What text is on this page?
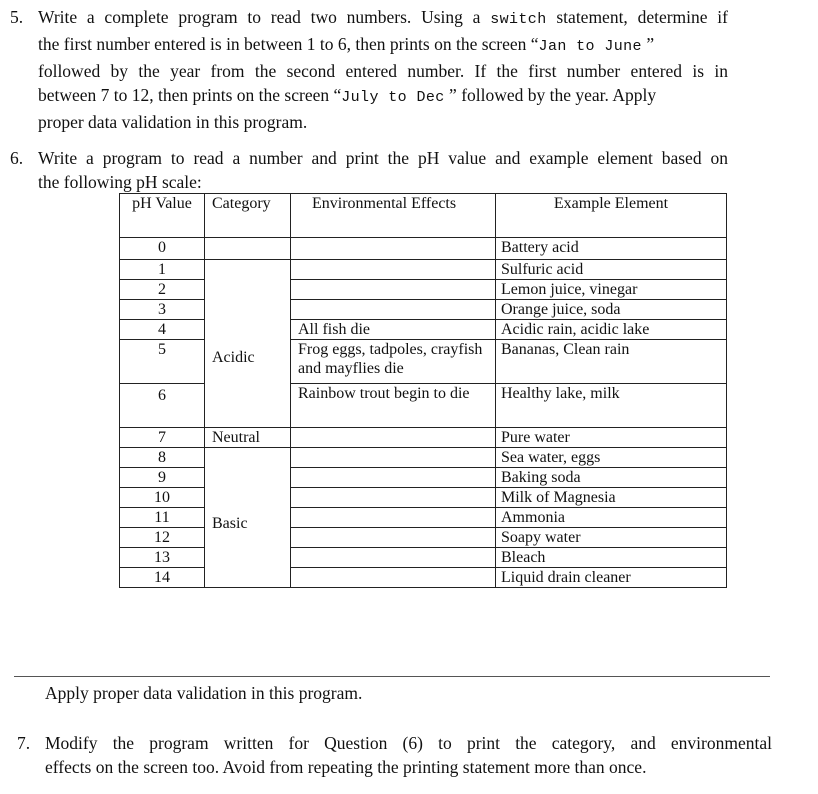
5. Write a complete program to read two numbers. Using a switch statement, determine if
the first number entered is in between 1 to 6, then prints on the screen “Jan to June ”
followed by the year from the second entered number. If the first number entered is in
between 7 to 12, then prints on the screen “July to Dec ” followed by the year. Apply
proper data validation in this program.
6. Write a program to read a number and print the pH value and example element based on
the following pH scale:
pH Value	Category	Environmental Effects	Example Element
0			Battery acid
1	Acidic		Sulfuric acid
2			Lemon juice, vinegar
3			Orange juice, soda
4		All fish die	Acidic rain, acidic lake
5		Frog eggs, tadpoles, crayfish and mayflies die	Bananas, Clean rain
6		Rainbow trout begin to die	Healthy lake, milk
7	Neutral		Pure water
8	Basic		Sea water, eggs
9			Baking soda
10			Milk of Magnesia
11			Ammonia
12			Soapy water
13			Bleach
14			Liquid drain cleaner
Apply proper data validation in this program.
7. Modify the program written for Question (6) to print the category, and environmental
effects on the screen too. Avoid from repeating the printing statement more than once.
